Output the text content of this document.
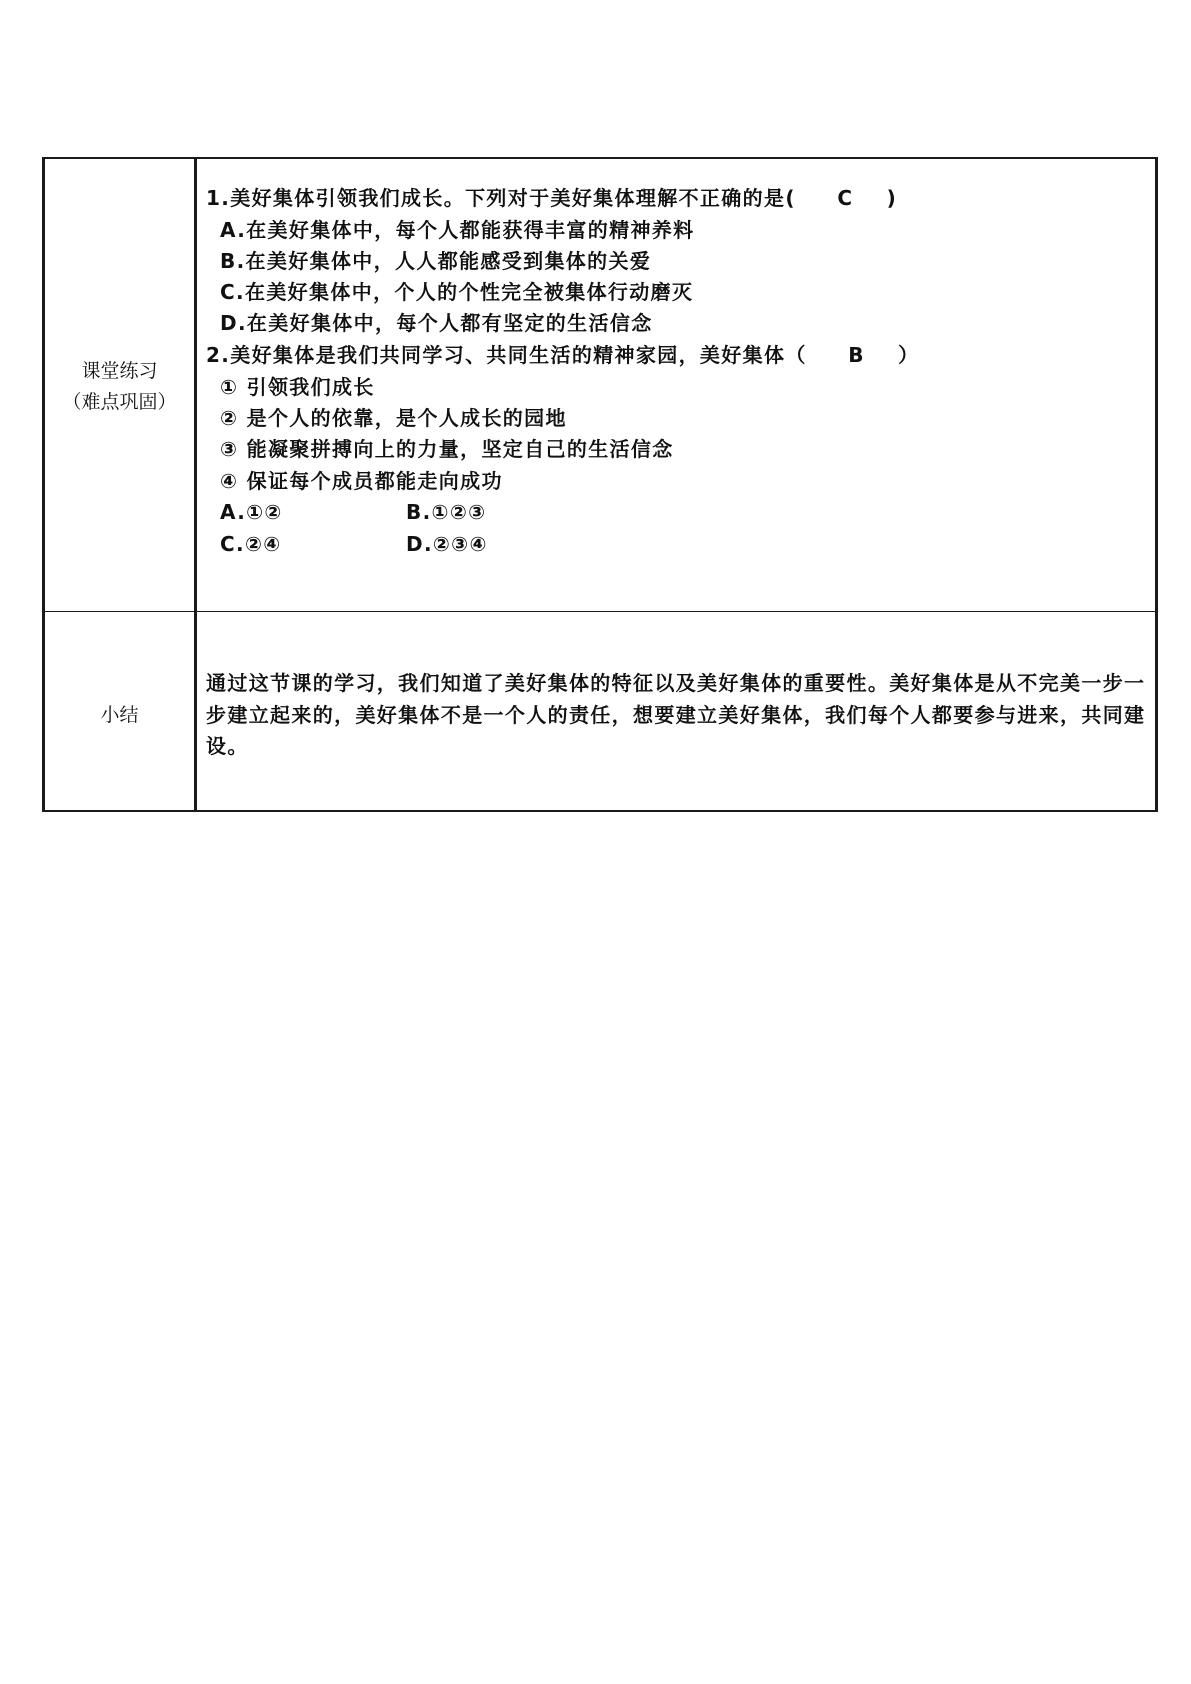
课堂练习
（难点巩固）
1.美好集体引领我们成长。下列对于美好集体理解不正确的是(     C    )
A.在美好集体中，每个人都能获得丰富的精神养料
B.在美好集体中，人人都能感受到集体的关爱
C.在美好集体中，个人的个性完全被集体行动磨灭
D.在美好集体中，每个人都有坚定的生活信念
2.美好集体是我们共同学习、共同生活的精神家园，美好集体（     B    ）
① 引领我们成长
② 是个人的依靠，是个人成长的园地
③ 能凝聚拼搏向上的力量，坚定自己的生活信念
④ 保证每个成员都能走向成功
A.①②	B.①②③
C.②④	D.②③④
小结
通过这节课的学习，我们知道了美好集体的特征以及美好集体的重要性。美好集体是从不完美一步一步建立起来的，美好集体不是一个人的责任，想要建立美好集体，我们每个人都要参与进来，共同建设。
